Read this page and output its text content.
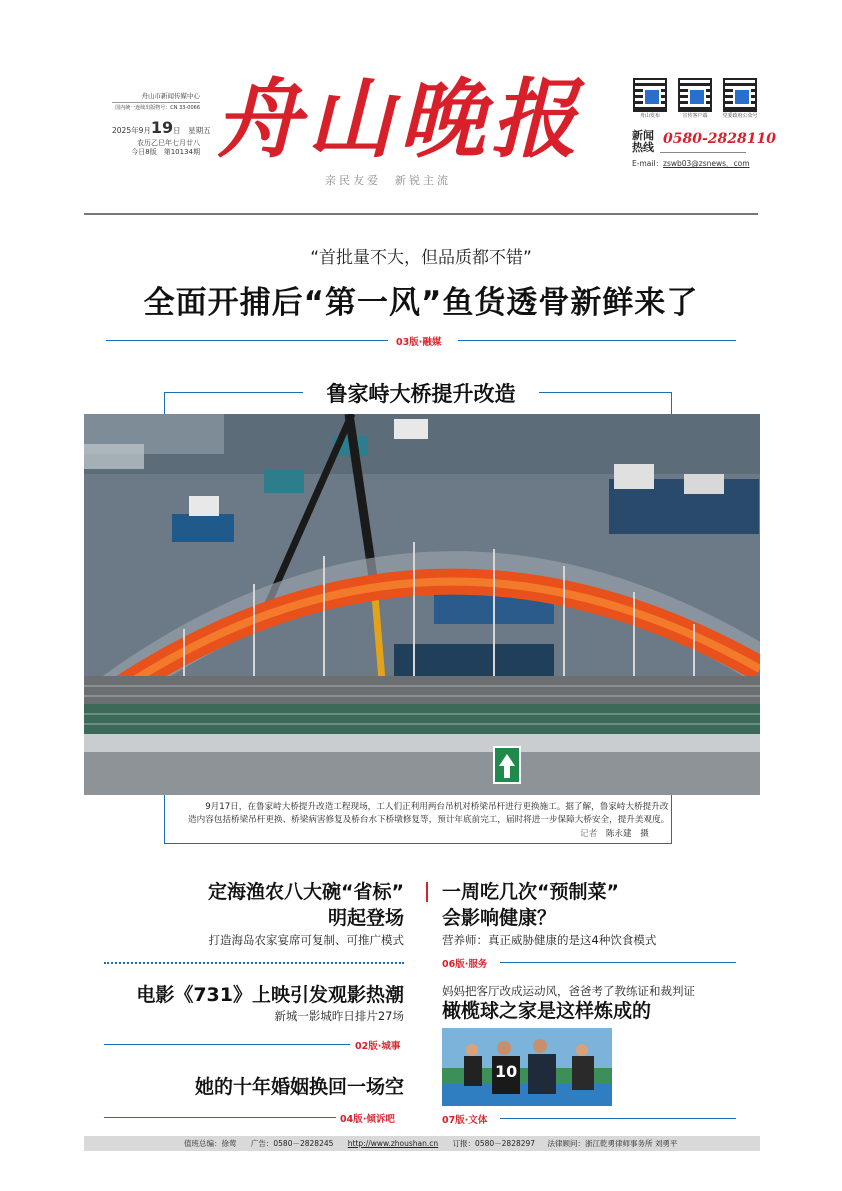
舟山市新闻传媒中心
国内统一连续出版物号：CN 33-0066
2025年9月19日　星期五
农历乙巳年七月廿八
今日8版　第10134期 舟山晚报
亲民友爱　新锐主流
舟山发布	宣传客户端	党委政府公众号
新闻
热线
0580-2828110
E-mail：zswb03@zsnews．com
“首批量不大，但品质都不错”
全面开捕后“第一风”鱼货透骨新鲜来了
03版·融媒
鲁家峙大桥提升改造
9月17日，在鲁家峙大桥提升改造工程现场，工人们正利用两台吊机对桥梁吊杆进行更换施工。据了解，鲁家峙大桥提升改造内容包括桥梁吊杆更换、桥梁病害修复及桥台水下桥墩修复等，预计年底前完工，届时将进一步保障大桥安全，提升美观度。
记者　 陈永建　摄
定海渔农八大碗“省标”
明起登场
打造海岛农家宴席可复制、可推广模式
电影《731》上映引发观影热潮
新城一影城昨日排片27场
02版·城事
她的十年婚姻换回一场空
04版·倾诉吧
一周吃几次“预制菜”
会影响健康？
营养师：真正威胁健康的是这4种饮食模式
06版·服务
妈妈把客厅改成运动风，爸爸考了教练证和裁判证
橄榄球之家是这样炼成的
10
07版·文体
值班总编：徐莺 广告：0580－2828245 http://www.zhoushan.cn 订报：0580－2828297 法律顾问：浙江乾勇律师事务所 刘勇平
